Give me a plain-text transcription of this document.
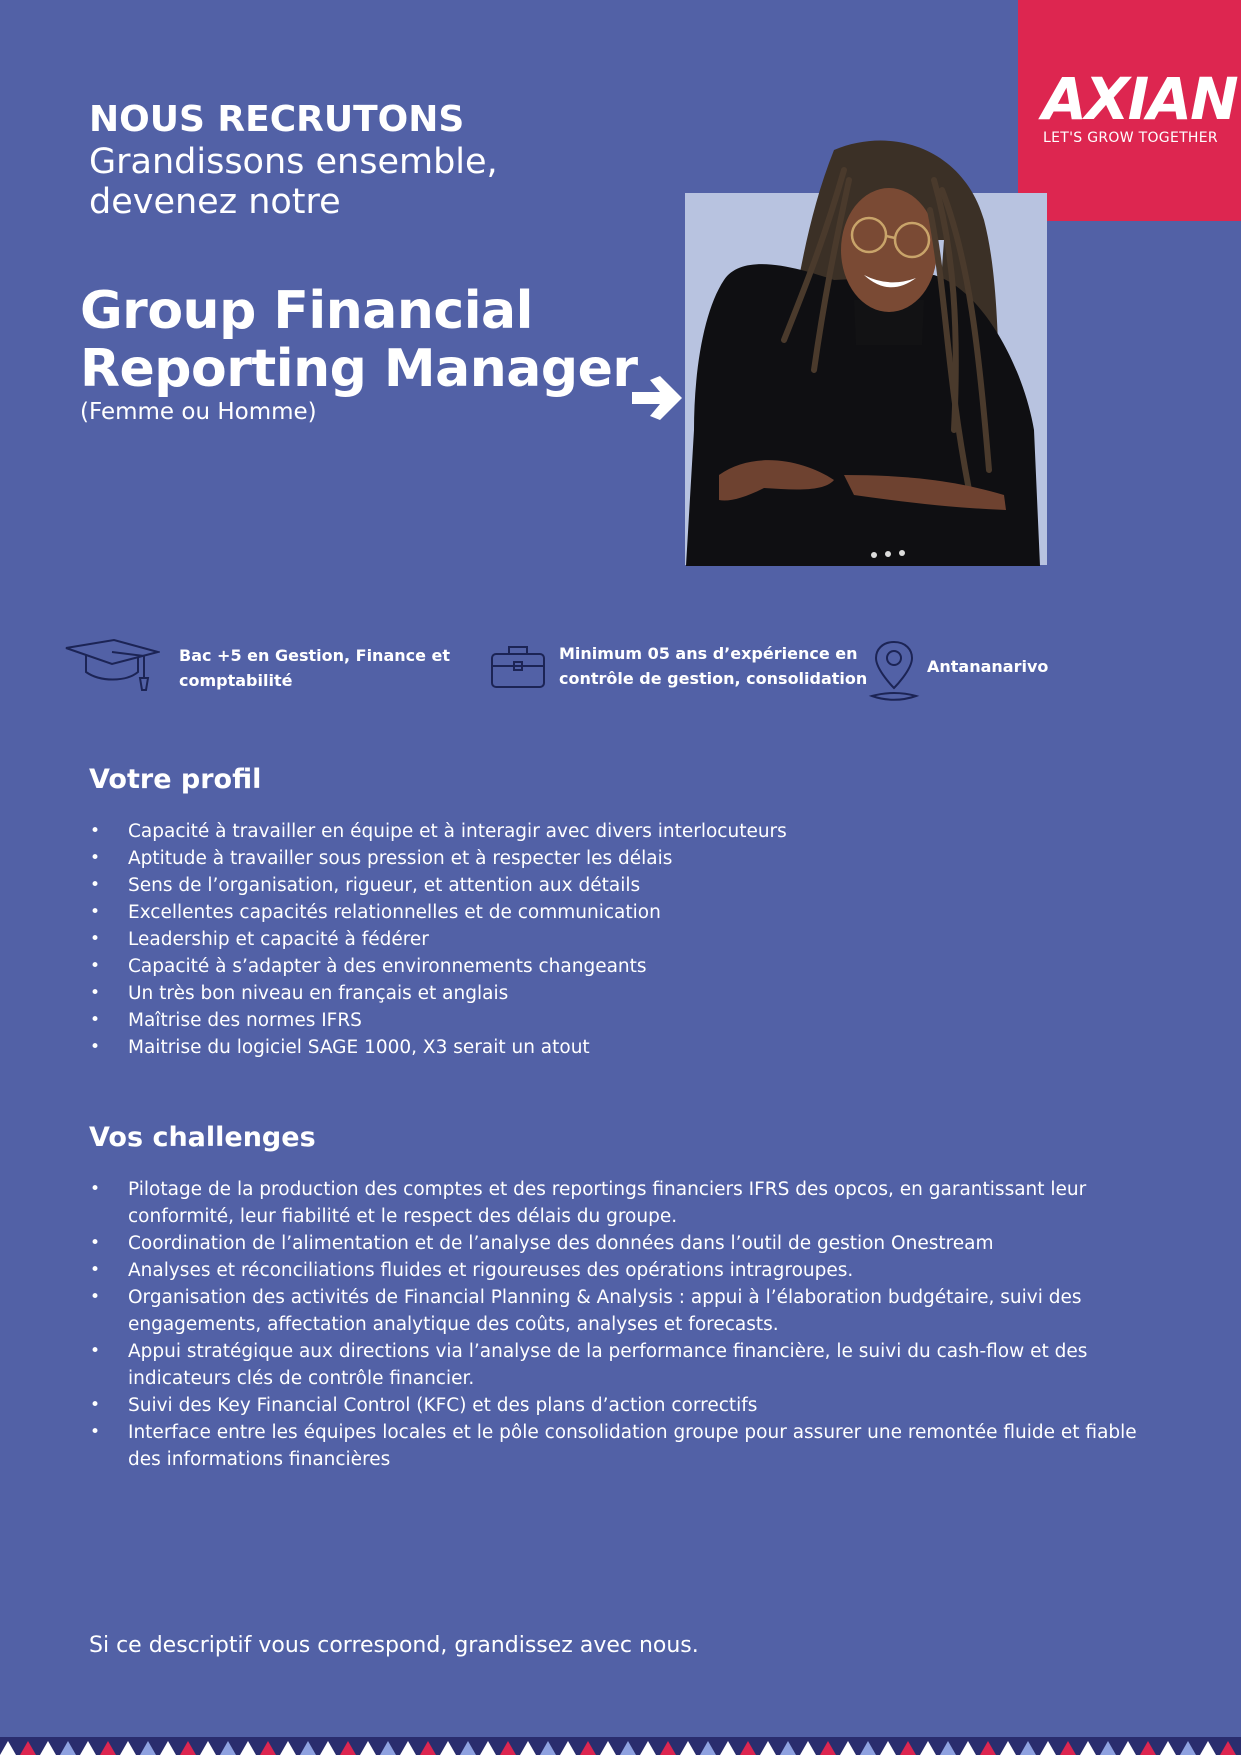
AXIAN
LET'S GROW TOGETHER
NOUS RECRUTONS
Grandissons ensemble,
devenez notre
Group Financial
Reporting Manager
(Femme ou Homme)
Bac +5 en Gestion, Finance et
comptabilité
Minimum 05 ans d’expérience en
contrôle de gestion, consolidation
Antananarivo
Votre profil
• Capacité à travailler en équipe et à interagir avec divers interlocuteurs
• Aptitude à travailler sous pression et à respecter les délais
• Sens de l’organisation, rigueur, et attention aux détails
• Excellentes capacités relationnelles et de communication
• Leadership et capacité à fédérer
• Capacité à s’adapter à des environnements changeants
• Un très bon niveau en français et anglais
• Maîtrise des normes IFRS
• Maitrise du logiciel SAGE 1000, X3 serait un atout
Vos challenges
• Pilotage de la production des comptes et des reportings financiers IFRS des opcos, en garantissant leur conformité, leur fiabilité et le respect des délais du groupe.
• Coordination de l’alimentation et de l’analyse des données dans l’outil de gestion Onestream
• Analyses et réconciliations fluides et rigoureuses des opérations intragroupes.
• Organisation des activités de Financial Planning & Analysis : appui à l’élaboration budgétaire, suivi des engagements, affectation analytique des coûts, analyses et forecasts.
• Appui stratégique aux directions via l’analyse de la performance financière, le suivi du cash-flow et des indicateurs clés de contrôle financier.
• Suivi des Key Financial Control (KFC) et des plans d’action correctifs
• Interface entre les équipes locales et le pôle consolidation groupe pour assurer une remontée fluide et fiable des informations financières
Si ce descriptif vous correspond, grandissez avec nous.
